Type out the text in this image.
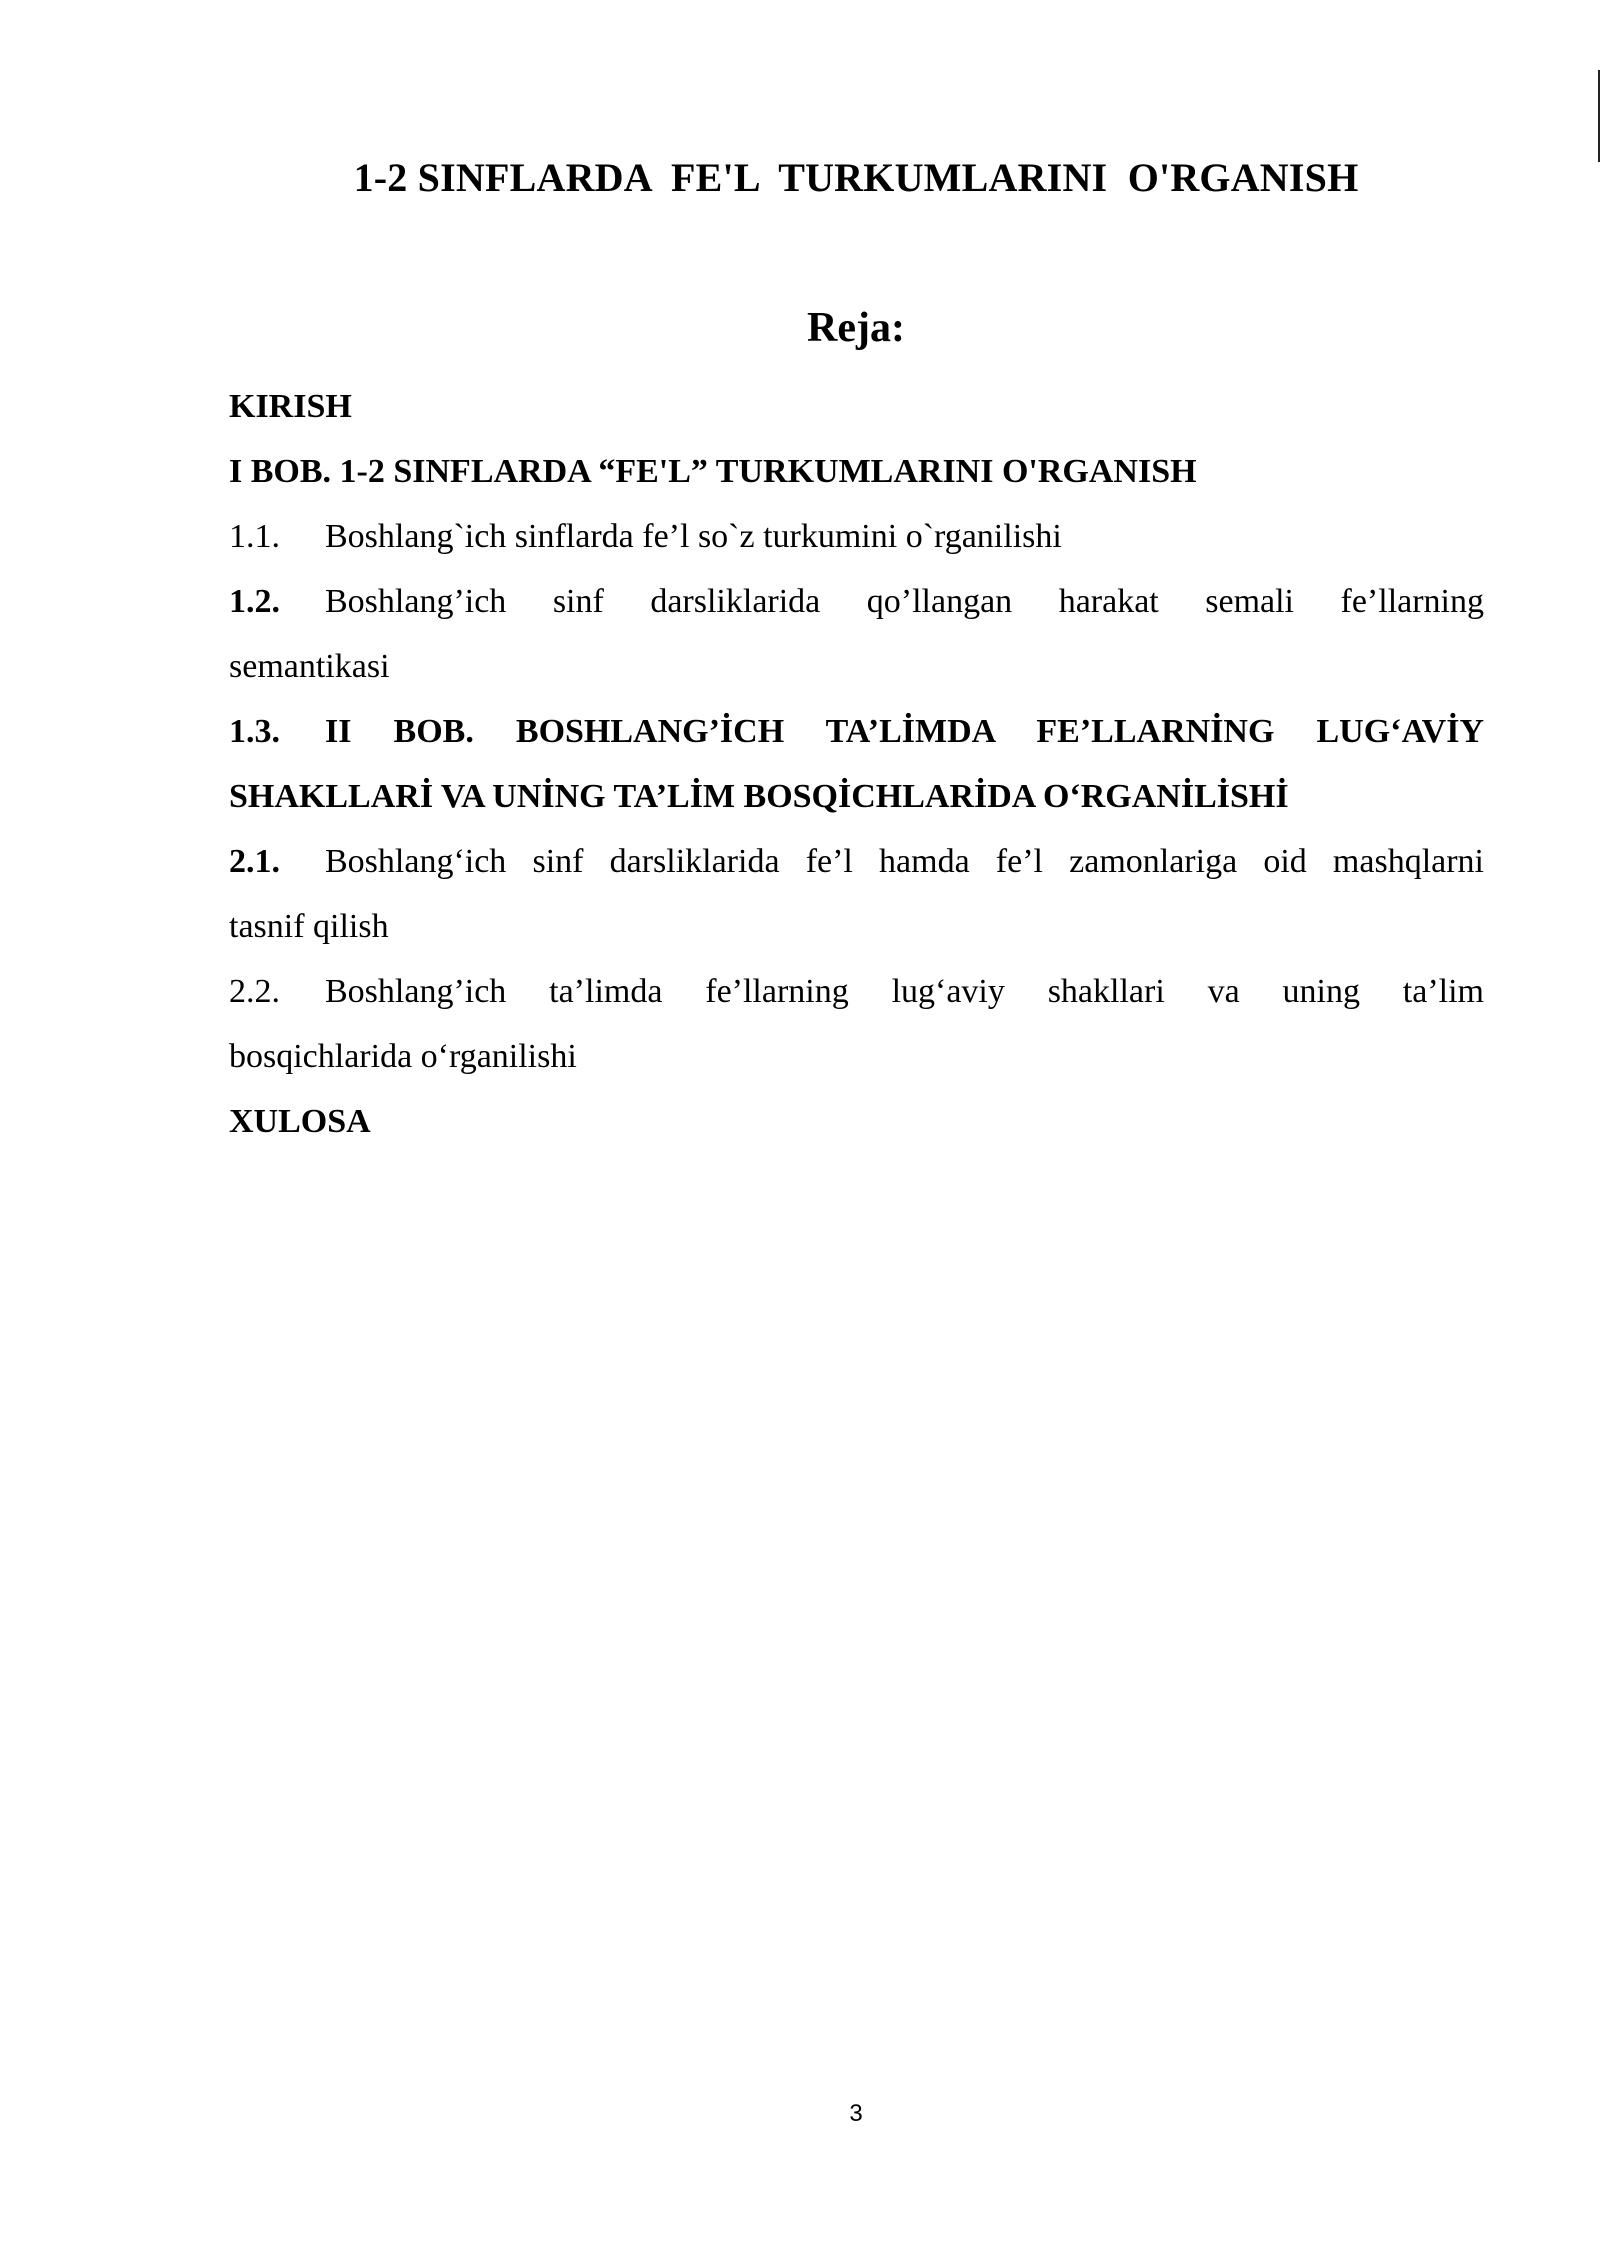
1-2 SINFLARDA  FE'L  TURKUMLARINI  O'RGANISH
Reja:
KIRISH
I BOB. 1-2 SINFLARDA “FE'L” TURKUMLARINI O'RGANISH
1.1. Boshlang`ich sinflarda fe’l so`z turkumini o`rganilishi
1.2. Boshlang’ich sinf darsliklarida qo’llangan harakat semali fe’llarning
semantikasi
1.3. II BOB. BOSHLANG’İCH TA’LİMDA FE’LLARNİNG LUG‘AVİY
SHAKLLARİ VA UNİNG TA’LİM BOSQİCHLARİDA O‘RGANİLİSHİ
2.1. Boshlang‘ich sinf darsliklarida fe’l hamda fe’l zamonlariga oid mashqlarni
tasnif qilish
2.2. Boshlang’ich ta’limda fe’llarning lug‘aviy shakllari va uning ta’lim
bosqichlarida o‘rganilishi
XULOSA
3
